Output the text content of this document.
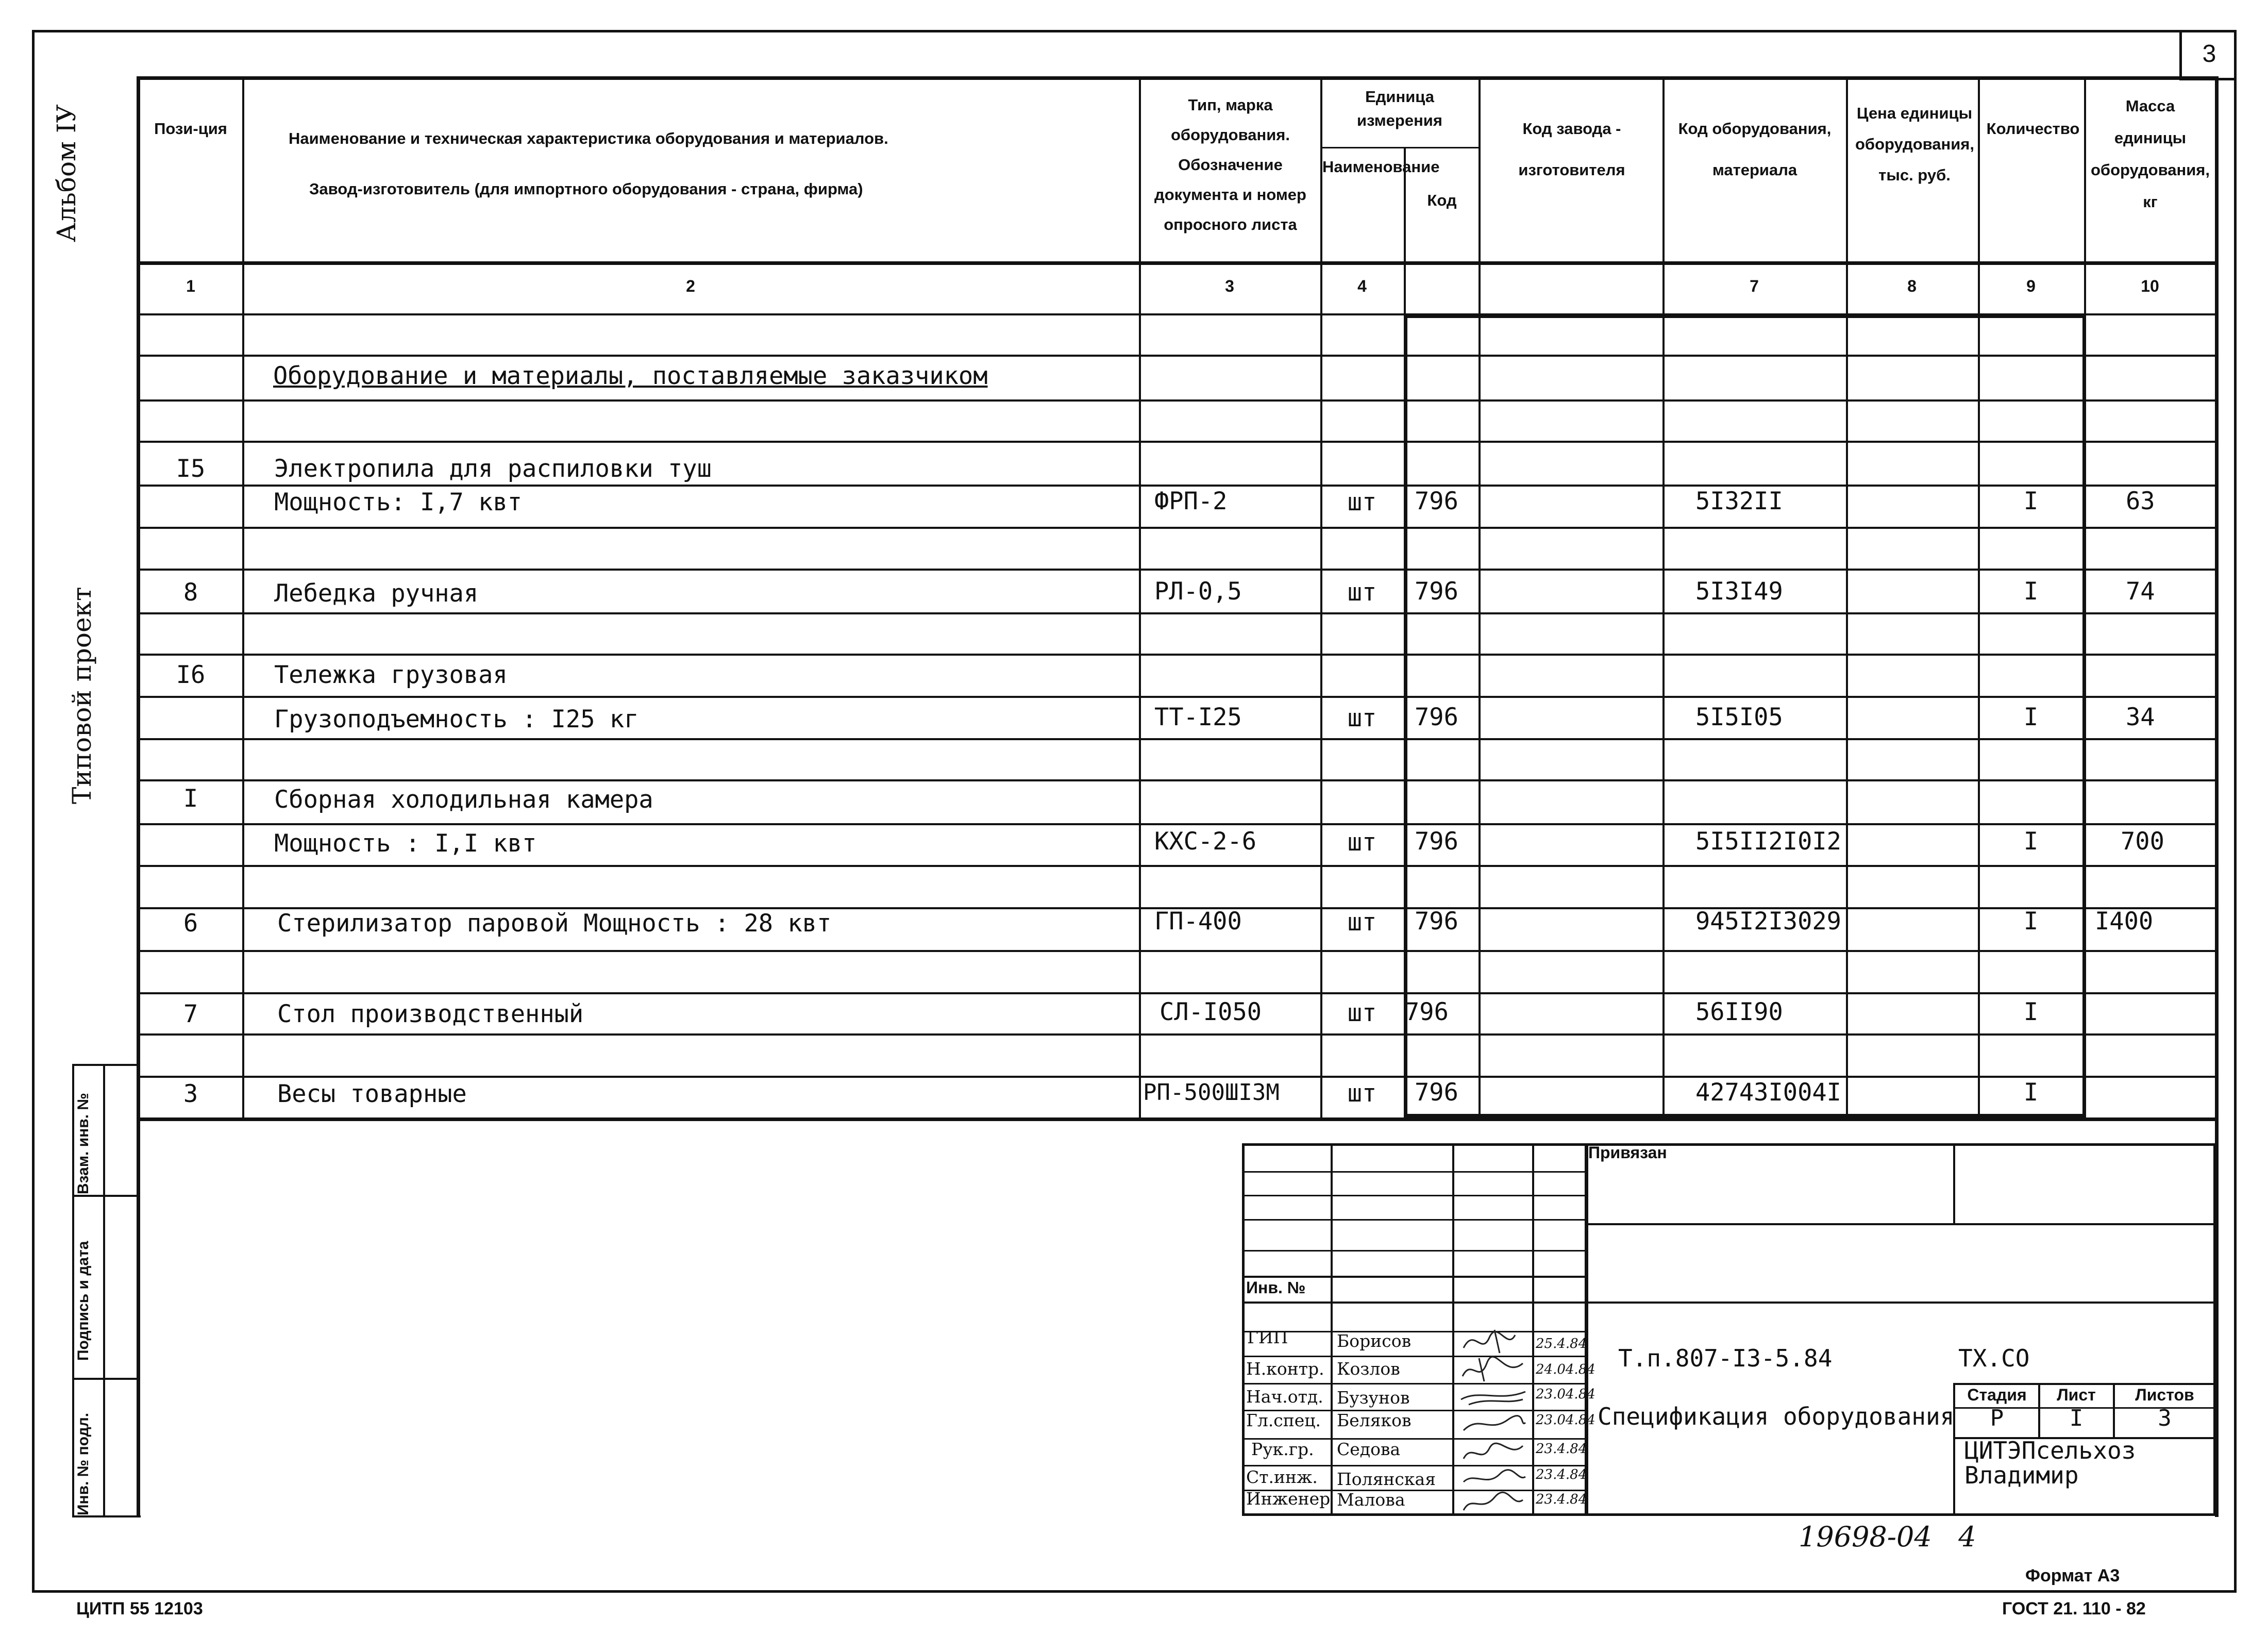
3
Альбом IУ
Типовой проект
Взам. инв. №
Подпись и дата
Инв. № подл.
Пози-ция
Наименование и техническая характеристика оборудования и материалов.
Завод-изготовитель (для импортного оборудования - страна, фирма)
Тип, марка оборудования. Обозначение документа и номер опросного листа
Единица измерения
Наименование
Код
Код завода - изготовителя
Код оборудования, материала
Цена единицы оборудования, тыс. руб.
Количество
Масса единицы оборудования, кг
1	2	3	4	7	8	9	10
Оборудование и материалы, поставляемые заказчиком
I5	Электропила для распиловки туш
Мощность: I,7 квт	ФРП-2	шт	796	5I32II	I	63
8	Лебедка ручная	РЛ-0,5	шт	796	5I3I49	I	74
I6	Тележка грузовая
Грузоподъемность : I25 кг	ТТ-I25	шт	796	5I5I05	I	34
I	Сборная холодильная камера
Мощность : I,I квт	КХС-2-6	шт	796	5I5II2I0I2	I	700
6	Стерилизатор паровой Мощность : 28 квт	ГП-400	шт	796	945I2I3029	I	I400
7	Стол производственный	СЛ-I050	шт	796	56II90	I
3	Весы товарные	РП-500ШI3М	шт	796	42743I004I	I
Привязан
Инв. №
ГИП	Борисов	25.4.84
Н.контр. Козлов	24.04.84
Нач.отд. Бузунов	23.04.84
Гл.спец. Беляков	23.04.84
Рук.гр. Седова	23.4.84
Ст.инж. Полянская	23.4.84
Инженер Малова	23.4.84
Т.п.807-I3-5.84	ТХ.СО
Спецификация оборудования
Стадия	Лист	Листов
Р	I	3
ЦИТЭПсельхоз
Владимир
19698-04   4
Формат А3
ЦИТП 55 12103	ГОСТ 21. 110 - 82
